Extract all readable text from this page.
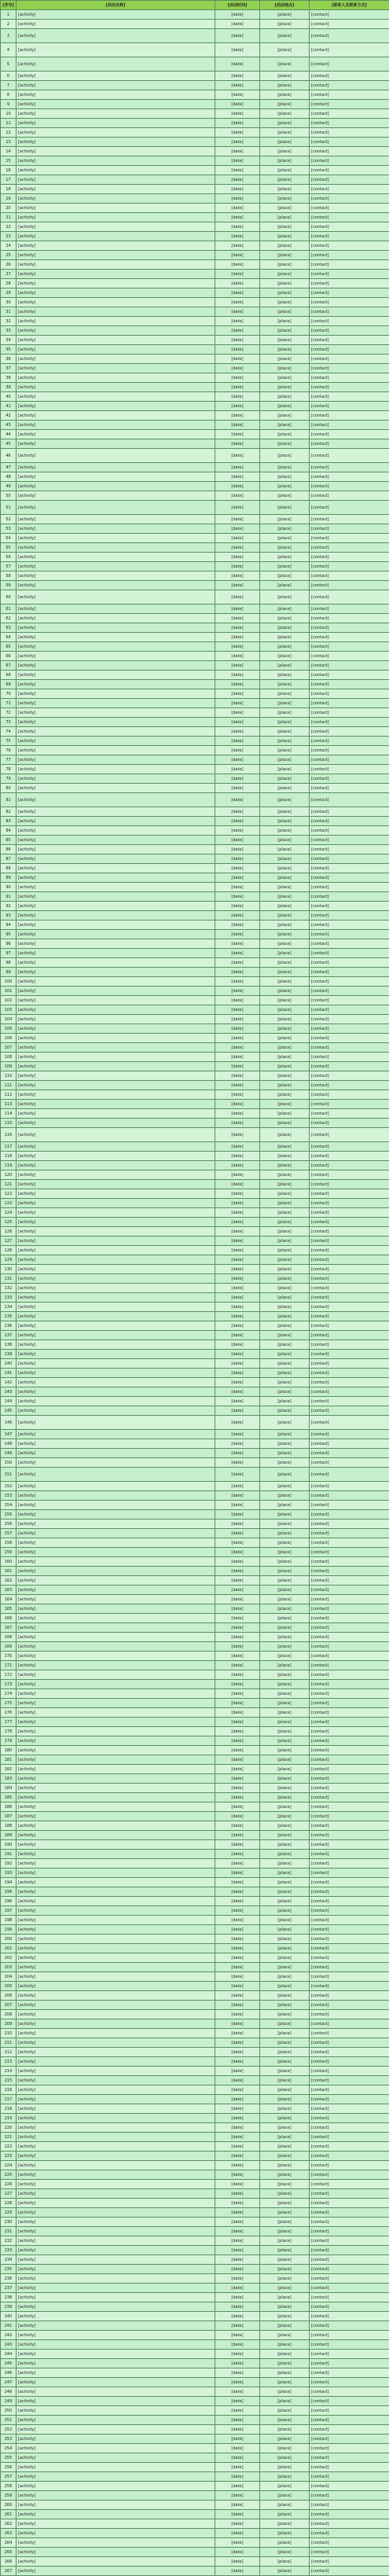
[序号]	[活动名称]	[活动时间]	[活动地点]	[联系人及联系方式]
1	[activity]	[date]	[place]	[contact]
2	[activity]	[date]	[place]	[contact]
3	[activity]	[date]	[place]	[contact]
4	[activity]	[date]	[place]	[contact]
5	[activity]	[date]	[place]	[contact]
6	[activity]	[date]	[place]	[contact]
7	[activity]	[date]	[place]	[contact]
8	[activity]	[date]	[place]	[contact]
9	[activity]	[date]	[place]	[contact]
10	[activity]	[date]	[place]	[contact]
11	[activity]	[date]	[place]	[contact]
12	[activity]	[date]	[place]	[contact]
13	[activity]	[date]	[place]	[contact]
14	[activity]	[date]	[place]	[contact]
15	[activity]	[date]	[place]	[contact]
16	[activity]	[date]	[place]	[contact]
17	[activity]	[date]	[place]	[contact]
18	[activity]	[date]	[place]	[contact]
19	[activity]	[date]	[place]	[contact]
20	[activity]	[date]	[place]	[contact]
21	[activity]	[date]	[place]	[contact]
22	[activity]	[date]	[place]	[contact]
23	[activity]	[date]	[place]	[contact]
24	[activity]	[date]	[place]	[contact]
25	[activity]	[date]	[place]	[contact]
26	[activity]	[date]	[place]	[contact]
27	[activity]	[date]	[place]	[contact]
28	[activity]	[date]	[place]	[contact]
29	[activity]	[date]	[place]	[contact]
30	[activity]	[date]	[place]	[contact]
31	[activity]	[date]	[place]	[contact]
32	[activity]	[date]	[place]	[contact]
33	[activity]	[date]	[place]	[contact]
34	[activity]	[date]	[place]	[contact]
35	[activity]	[date]	[place]	[contact]
36	[activity]	[date]	[place]	[contact]
37	[activity]	[date]	[place]	[contact]
38	[activity]	[date]	[place]	[contact]
39	[activity]	[date]	[place]	[contact]
40	[activity]	[date]	[place]	[contact]
41	[activity]	[date]	[place]	[contact]
42	[activity]	[date]	[place]	[contact]
43	[activity]	[date]	[place]	[contact]
44	[activity]	[date]	[place]	[contact]
45	[activity]	[date]	[place]	[contact]
46	[activity]	[date]	[place]	[contact]
47	[activity]	[date]	[place]	[contact]
48	[activity]	[date]	[place]	[contact]
49	[activity]	[date]	[place]	[contact]
50	[activity]	[date]	[place]	[contact]
51	[activity]	[date]	[place]	[contact]
52	[activity]	[date]	[place]	[contact]
53	[activity]	[date]	[place]	[contact]
54	[activity]	[date]	[place]	[contact]
55	[activity]	[date]	[place]	[contact]
56	[activity]	[date]	[place]	[contact]
57	[activity]	[date]	[place]	[contact]
58	[activity]	[date]	[place]	[contact]
59	[activity]	[date]	[place]	[contact]
60	[activity]	[date]	[place]	[contact]
61	[activity]	[date]	[place]	[contact]
62	[activity]	[date]	[place]	[contact]
63	[activity]	[date]	[place]	[contact]
64	[activity]	[date]	[place]	[contact]
65	[activity]	[date]	[place]	[contact]
66	[activity]	[date]	[place]	[contact]
67	[activity]	[date]	[place]	[contact]
68	[activity]	[date]	[place]	[contact]
69	[activity]	[date]	[place]	[contact]
70	[activity]	[date]	[place]	[contact]
71	[activity]	[date]	[place]	[contact]
72	[activity]	[date]	[place]	[contact]
73	[activity]	[date]	[place]	[contact]
74	[activity]	[date]	[place]	[contact]
75	[activity]	[date]	[place]	[contact]
76	[activity]	[date]	[place]	[contact]
77	[activity]	[date]	[place]	[contact]
78	[activity]	[date]	[place]	[contact]
79	[activity]	[date]	[place]	[contact]
80	[activity]	[date]	[place]	[contact]
81	[activity]	[date]	[place]	[contact]
82	[activity]	[date]	[place]	[contact]
83	[activity]	[date]	[place]	[contact]
84	[activity]	[date]	[place]	[contact]
85	[activity]	[date]	[place]	[contact]
86	[activity]	[date]	[place]	[contact]
87	[activity]	[date]	[place]	[contact]
88	[activity]	[date]	[place]	[contact]
89	[activity]	[date]	[place]	[contact]
90	[activity]	[date]	[place]	[contact]
91	[activity]	[date]	[place]	[contact]
92	[activity]	[date]	[place]	[contact]
93	[activity]	[date]	[place]	[contact]
94	[activity]	[date]	[place]	[contact]
95	[activity]	[date]	[place]	[contact]
96	[activity]	[date]	[place]	[contact]
97	[activity]	[date]	[place]	[contact]
98	[activity]	[date]	[place]	[contact]
99	[activity]	[date]	[place]	[contact]
100	[activity]	[date]	[place]	[contact]
101	[activity]	[date]	[place]	[contact]
102	[activity]	[date]	[place]	[contact]
103	[activity]	[date]	[place]	[contact]
104	[activity]	[date]	[place]	[contact]
105	[activity]	[date]	[place]	[contact]
106	[activity]	[date]	[place]	[contact]
107	[activity]	[date]	[place]	[contact]
108	[activity]	[date]	[place]	[contact]
109	[activity]	[date]	[place]	[contact]
110	[activity]	[date]	[place]	[contact]
111	[activity]	[date]	[place]	[contact]
112	[activity]	[date]	[place]	[contact]
113	[activity]	[date]	[place]	[contact]
114	[activity]	[date]	[place]	[contact]
115	[activity]	[date]	[place]	[contact]
116	[activity]	[date]	[place]	[contact]
117	[activity]	[date]	[place]	[contact]
118	[activity]	[date]	[place]	[contact]
119	[activity]	[date]	[place]	[contact]
120	[activity]	[date]	[place]	[contact]
121	[activity]	[date]	[place]	[contact]
122	[activity]	[date]	[place]	[contact]
123	[activity]	[date]	[place]	[contact]
124	[activity]	[date]	[place]	[contact]
125	[activity]	[date]	[place]	[contact]
126	[activity]	[date]	[place]	[contact]
127	[activity]	[date]	[place]	[contact]
128	[activity]	[date]	[place]	[contact]
129	[activity]	[date]	[place]	[contact]
130	[activity]	[date]	[place]	[contact]
131	[activity]	[date]	[place]	[contact]
132	[activity]	[date]	[place]	[contact]
133	[activity]	[date]	[place]	[contact]
134	[activity]	[date]	[place]	[contact]
135	[activity]	[date]	[place]	[contact]
136	[activity]	[date]	[place]	[contact]
137	[activity]	[date]	[place]	[contact]
138	[activity]	[date]	[place]	[contact]
139	[activity]	[date]	[place]	[contact]
140	[activity]	[date]	[place]	[contact]
141	[activity]	[date]	[place]	[contact]
142	[activity]	[date]	[place]	[contact]
143	[activity]	[date]	[place]	[contact]
144	[activity]	[date]	[place]	[contact]
145	[activity]	[date]	[place]	[contact]
146	[activity]	[date]	[place]	[contact]
147	[activity]	[date]	[place]	[contact]
148	[activity]	[date]	[place]	[contact]
149	[activity]	[date]	[place]	[contact]
150	[activity]	[date]	[place]	[contact]
151	[activity]	[date]	[place]	[contact]
152	[activity]	[date]	[place]	[contact]
153	[activity]	[date]	[place]	[contact]
154	[activity]	[date]	[place]	[contact]
155	[activity]	[date]	[place]	[contact]
156	[activity]	[date]	[place]	[contact]
157	[activity]	[date]	[place]	[contact]
158	[activity]	[date]	[place]	[contact]
159	[activity]	[date]	[place]	[contact]
160	[activity]	[date]	[place]	[contact]
161	[activity]	[date]	[place]	[contact]
162	[activity]	[date]	[place]	[contact]
163	[activity]	[date]	[place]	[contact]
164	[activity]	[date]	[place]	[contact]
165	[activity]	[date]	[place]	[contact]
166	[activity]	[date]	[place]	[contact]
167	[activity]	[date]	[place]	[contact]
168	[activity]	[date]	[place]	[contact]
169	[activity]	[date]	[place]	[contact]
170	[activity]	[date]	[place]	[contact]
171	[activity]	[date]	[place]	[contact]
172	[activity]	[date]	[place]	[contact]
173	[activity]	[date]	[place]	[contact]
174	[activity]	[date]	[place]	[contact]
175	[activity]	[date]	[place]	[contact]
176	[activity]	[date]	[place]	[contact]
177	[activity]	[date]	[place]	[contact]
178	[activity]	[date]	[place]	[contact]
179	[activity]	[date]	[place]	[contact]
180	[activity]	[date]	[place]	[contact]
181	[activity]	[date]	[place]	[contact]
182	[activity]	[date]	[place]	[contact]
183	[activity]	[date]	[place]	[contact]
184	[activity]	[date]	[place]	[contact]
185	[activity]	[date]	[place]	[contact]
186	[activity]	[date]	[place]	[contact]
187	[activity]	[date]	[place]	[contact]
188	[activity]	[date]	[place]	[contact]
189	[activity]	[date]	[place]	[contact]
190	[activity]	[date]	[place]	[contact]
191	[activity]	[date]	[place]	[contact]
192	[activity]	[date]	[place]	[contact]
193	[activity]	[date]	[place]	[contact]
194	[activity]	[date]	[place]	[contact]
195	[activity]	[date]	[place]	[contact]
196	[activity]	[date]	[place]	[contact]
197	[activity]	[date]	[place]	[contact]
198	[activity]	[date]	[place]	[contact]
199	[activity]	[date]	[place]	[contact]
200	[activity]	[date]	[place]	[contact]
201	[activity]	[date]	[place]	[contact]
202	[activity]	[date]	[place]	[contact]
203	[activity]	[date]	[place]	[contact]
204	[activity]	[date]	[place]	[contact]
205	[activity]	[date]	[place]	[contact]
206	[activity]	[date]	[place]	[contact]
207	[activity]	[date]	[place]	[contact]
208	[activity]	[date]	[place]	[contact]
209	[activity]	[date]	[place]	[contact]
210	[activity]	[date]	[place]	[contact]
211	[activity]	[date]	[place]	[contact]
212	[activity]	[date]	[place]	[contact]
213	[activity]	[date]	[place]	[contact]
214	[activity]	[date]	[place]	[contact]
215	[activity]	[date]	[place]	[contact]
216	[activity]	[date]	[place]	[contact]
217	[activity]	[date]	[place]	[contact]
218	[activity]	[date]	[place]	[contact]
219	[activity]	[date]	[place]	[contact]
220	[activity]	[date]	[place]	[contact]
221	[activity]	[date]	[place]	[contact]
222	[activity]	[date]	[place]	[contact]
223	[activity]	[date]	[place]	[contact]
224	[activity]	[date]	[place]	[contact]
225	[activity]	[date]	[place]	[contact]
226	[activity]	[date]	[place]	[contact]
227	[activity]	[date]	[place]	[contact]
228	[activity]	[date]	[place]	[contact]
229	[activity]	[date]	[place]	[contact]
230	[activity]	[date]	[place]	[contact]
231	[activity]	[date]	[place]	[contact]
232	[activity]	[date]	[place]	[contact]
233	[activity]	[date]	[place]	[contact]
234	[activity]	[date]	[place]	[contact]
235	[activity]	[date]	[place]	[contact]
236	[activity]	[date]	[place]	[contact]
237	[activity]	[date]	[place]	[contact]
238	[activity]	[date]	[place]	[contact]
239	[activity]	[date]	[place]	[contact]
240	[activity]	[date]	[place]	[contact]
241	[activity]	[date]	[place]	[contact]
242	[activity]	[date]	[place]	[contact]
243	[activity]	[date]	[place]	[contact]
244	[activity]	[date]	[place]	[contact]
245	[activity]	[date]	[place]	[contact]
246	[activity]	[date]	[place]	[contact]
247	[activity]	[date]	[place]	[contact]
248	[activity]	[date]	[place]	[contact]
249	[activity]	[date]	[place]	[contact]
250	[activity]	[date]	[place]	[contact]
251	[activity]	[date]	[place]	[contact]
252	[activity]	[date]	[place]	[contact]
253	[activity]	[date]	[place]	[contact]
254	[activity]	[date]	[place]	[contact]
255	[activity]	[date]	[place]	[contact]
256	[activity]	[date]	[place]	[contact]
257	[activity]	[date]	[place]	[contact]
258	[activity]	[date]	[place]	[contact]
259	[activity]	[date]	[place]	[contact]
260	[activity]	[date]	[place]	[contact]
261	[activity]	[date]	[place]	[contact]
262	[activity]	[date]	[place]	[contact]
263	[activity]	[date]	[place]	[contact]
264	[activity]	[date]	[place]	[contact]
265	[activity]	[date]	[place]	[contact]
266	[activity]	[date]	[place]	[contact]
267	[activity]	[date]	[place]	[contact]
